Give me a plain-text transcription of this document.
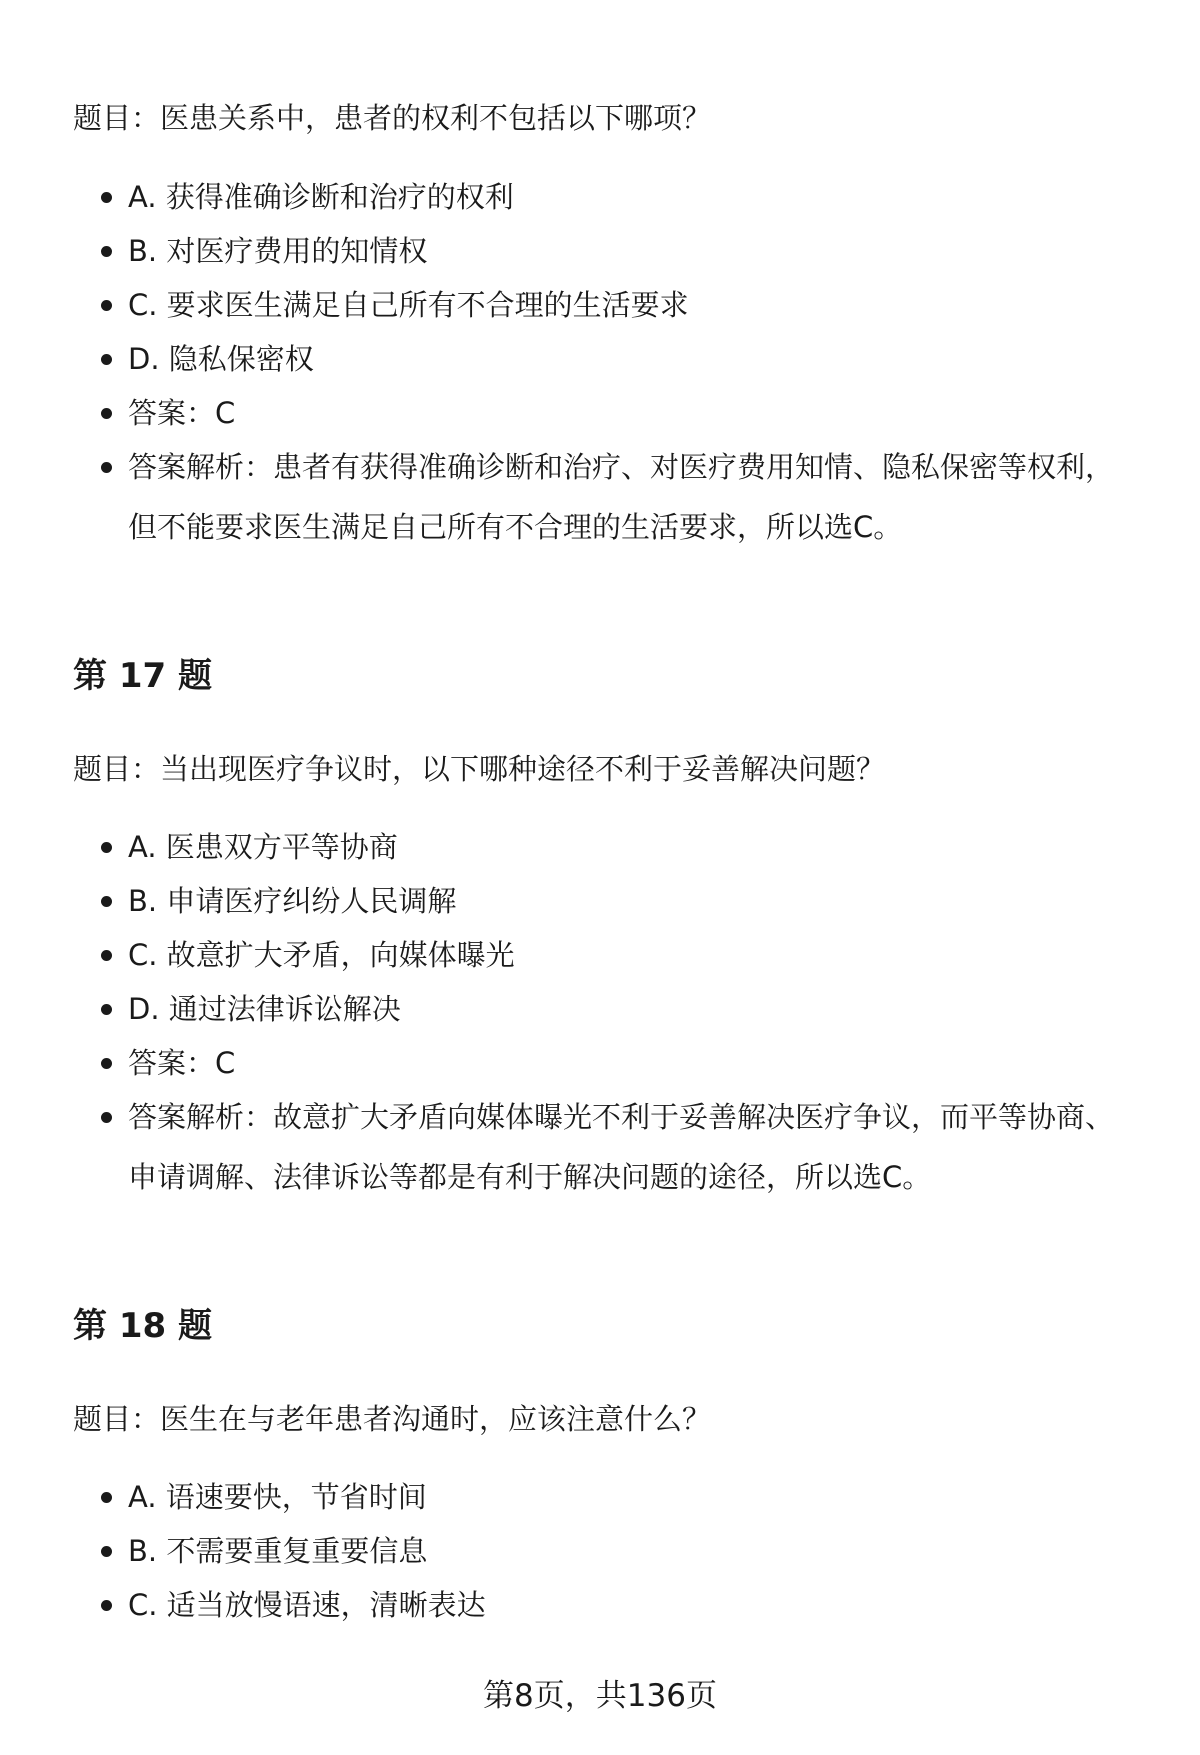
题目：医患关系中，患者的权利不包括以下哪项？
A. 获得准确诊断和治疗的权利
B. 对医疗费用的知情权
C. 要求医生满足自己所有不合理的生活要求
D. 隐私保密权
答案：C
答案解析：患者有获得准确诊断和治疗、对医疗费用知情、隐私保密等权利，但不能要求医生满足自己所有不合理的生活要求，所以选C。
第 17 题
题目：当出现医疗争议时，以下哪种途径不利于妥善解决问题？
A. 医患双方平等协商
B. 申请医疗纠纷人民调解
C. 故意扩大矛盾，向媒体曝光
D. 通过法律诉讼解决
答案：C
答案解析：故意扩大矛盾向媒体曝光不利于妥善解决医疗争议，而平等协商、申请调解、法律诉讼等都是有利于解决问题的途径，所以选C。
第 18 题
题目：医生在与老年患者沟通时，应该注意什么？
A. 语速要快，节省时间
B. 不需要重复重要信息
C. 适当放慢语速，清晰表达
第8页，共136页
